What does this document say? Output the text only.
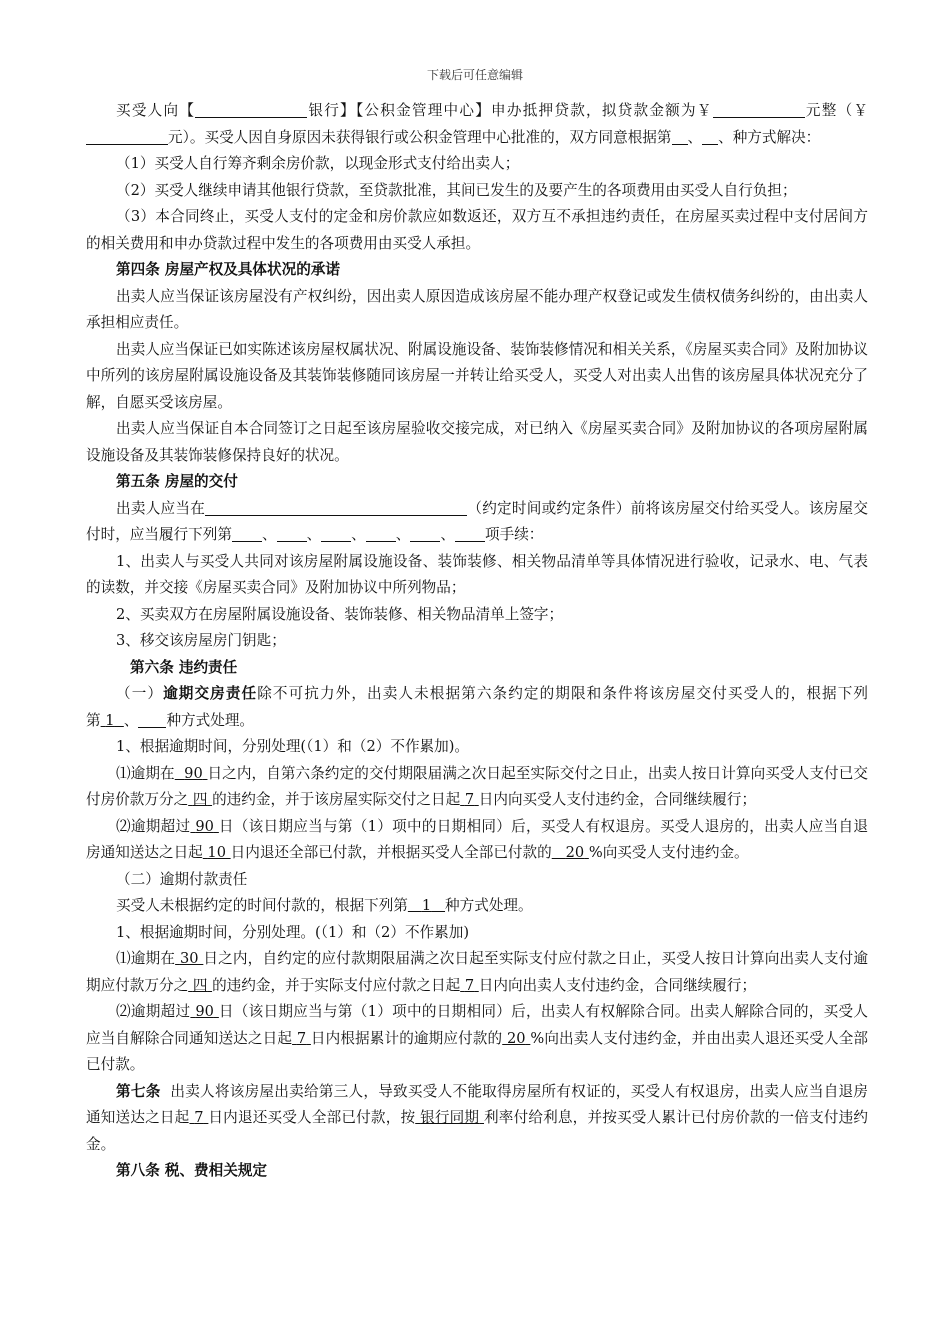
下载后可任意编辑

买受人向【	银行】【公积金管理中心】申办抵押贷款，拟贷款金额为￥	元整（￥元）。买受人因自身原因未获得银行或公积金管理中心批准的，双方同意根据第 、 、种方式解决：

（1）买受人自行筹齐剩余房价款，以现金形式支付给出卖人；

（2）买受人继续申请其他银行贷款，至贷款批准，其间已发生的及要产生的各项费用由买受人自行负担；

（3）本合同终止，买受人支付的定金和房价款应如数返还，双方互不承担违约责任，在房屋买卖过程中支付居间方的相关费用和申办贷款过程中发生的各项费用由买受人承担。

第四条 房屋产权及具体状况的承诺

出卖人应当保证该房屋没有产权纠纷，因出卖人原因造成该房屋不能办理产权登记或发生债权债务纠纷的，由出卖人承担相应责任。

出卖人应当保证已如实陈述该房屋权属状况、附属设施设备、装饰装修情况和相关关系，《房屋买卖合同》及附加协议中所列的该房屋附属设施设备及其装饰装修随同该房屋一并转让给买受人，买受人对出卖人出售的该房屋具体状况充分了解，自愿买受该房屋。

出卖人应当保证自本合同签订之日起至该房屋验收交接完成，对已纳入《房屋买卖合同》及附加协议的各项房屋附属设施设备及其装饰装修保持良好的状况。

第五条 房屋的交付

出卖人应当在	（约定时间或约定条件）前将该房屋交付给买受人。该房屋交付时，应当履行下列第 、 、 、 、 、 项手续：

1、出卖人与买受人共同对该房屋附属设施设备、装饰装修、相关物品清单等具体情况进行验收，记录水、电、气表的读数，并交接《房屋买卖合同》及附加协议中所列物品；

2、买卖双方在房屋附属设施设备、装饰装修、相关物品清单上签字；

3、移交该房屋房门钥匙；

第六条 违约责任

（一）逾期交房责任除不可抗力外，出卖人未根据第六条约定的期限和条件将该房屋交付买受人的，根据下列第 1 、 种方式处理。

1、根据逾期时间，分别处理(（1）和（2）不作累加)。

⑴逾期在 90 日之内，自第六条约定的交付期限届满之次日起至实际交付之日止，出卖人按日计算向买受人支付已交付房价款万分之 四 的违约金，并于该房屋实际交付之日起 7 日内向买受人支付违约金，合同继续履行；

⑵逾期超过 90 日（该日期应当与第（1）项中的日期相同）后，买受人有权退房。买受人退房的，出卖人应当自退房通知送达之日起 10 日内退还全部已付款，并根据买受人全部已付款的 20 %向买受人支付违约金。

（二）逾期付款责任

买受人未根据约定的时间付款的，根据下列第 1 种方式处理。

1、根据逾期时间，分别处理。(（1）和（2）不作累加)

⑴逾期在 30 日之内，自约定的应付款期限届满之次日起至实际支付应付款之日止，买受人按日计算向出卖人支付逾期应付款万分之 四 的违约金，并于实际支付应付款之日起 7 日内向出卖人支付违约金，合同继续履行；

⑵逾期超过 90 日（该日期应当与第（1）项中的日期相同）后，出卖人有权解除合同。出卖人解除合同的，买受人应当自解除合同通知送达之日起 7 日内根据累计的逾期应付款的 20 %向出卖人支付违约金，并由出卖人退还买受人全部已付款。

第七条 出卖人将该房屋出卖给第三人，导致买受人不能取得房屋所有权证的，买受人有权退房，出卖人应当自退房通知送达之日起 7 日内退还买受人全部已付款，按 银行同期 利率付给利息，并按买受人累计已付房价款的一倍支付违约金。

第八条 税、费相关规定
